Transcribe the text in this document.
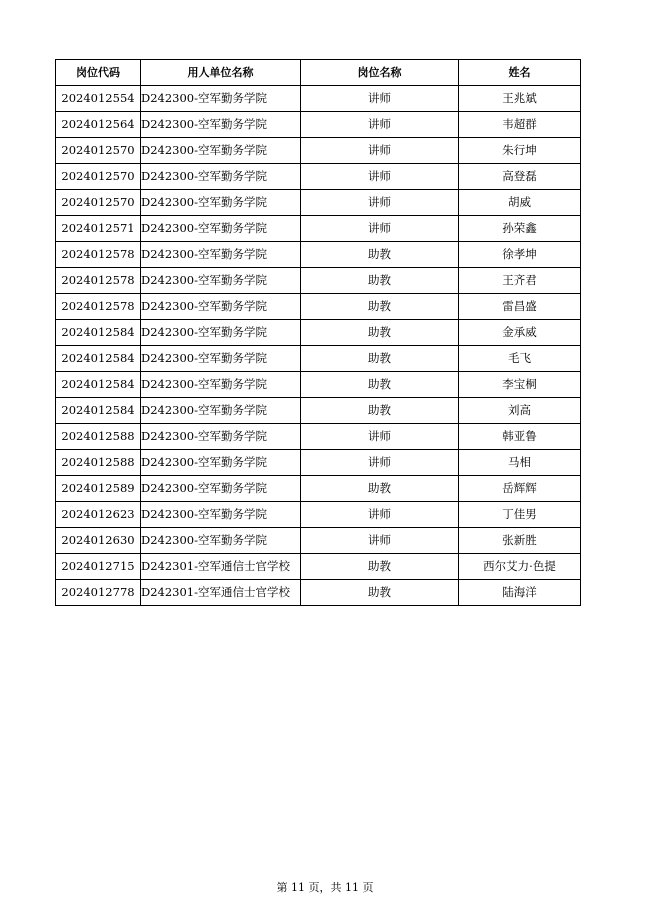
岗位代码	用人单位名称	岗位名称	姓名
2024012554	D242300-空军勤务学院	讲师	王兆斌
2024012564	D242300-空军勤务学院	讲师	韦超群
2024012570	D242300-空军勤务学院	讲师	朱行坤
2024012570	D242300-空军勤务学院	讲师	高登磊
2024012570	D242300-空军勤务学院	讲师	胡威
2024012571	D242300-空军勤务学院	讲师	孙荣鑫
2024012578	D242300-空军勤务学院	助教	徐孝坤
2024012578	D242300-空军勤务学院	助教	王齐君
2024012578	D242300-空军勤务学院	助教	雷昌盛
2024012584	D242300-空军勤务学院	助教	金承威
2024012584	D242300-空军勤务学院	助教	毛飞
2024012584	D242300-空军勤务学院	助教	李宝桐
2024012584	D242300-空军勤务学院	助教	刘高
2024012588	D242300-空军勤务学院	讲师	韩亚鲁
2024012588	D242300-空军勤务学院	讲师	马相
2024012589	D242300-空军勤务学院	助教	岳辉辉
2024012623	D242300-空军勤务学院	讲师	丁佳男
2024012630	D242300-空军勤务学院	讲师	张新胜
2024012715	D242301-空军通信士官学校	助教	西尔艾力·色提
2024012778	D242301-空军通信士官学校	助教	陆海洋
第 11 页，共 11 页
